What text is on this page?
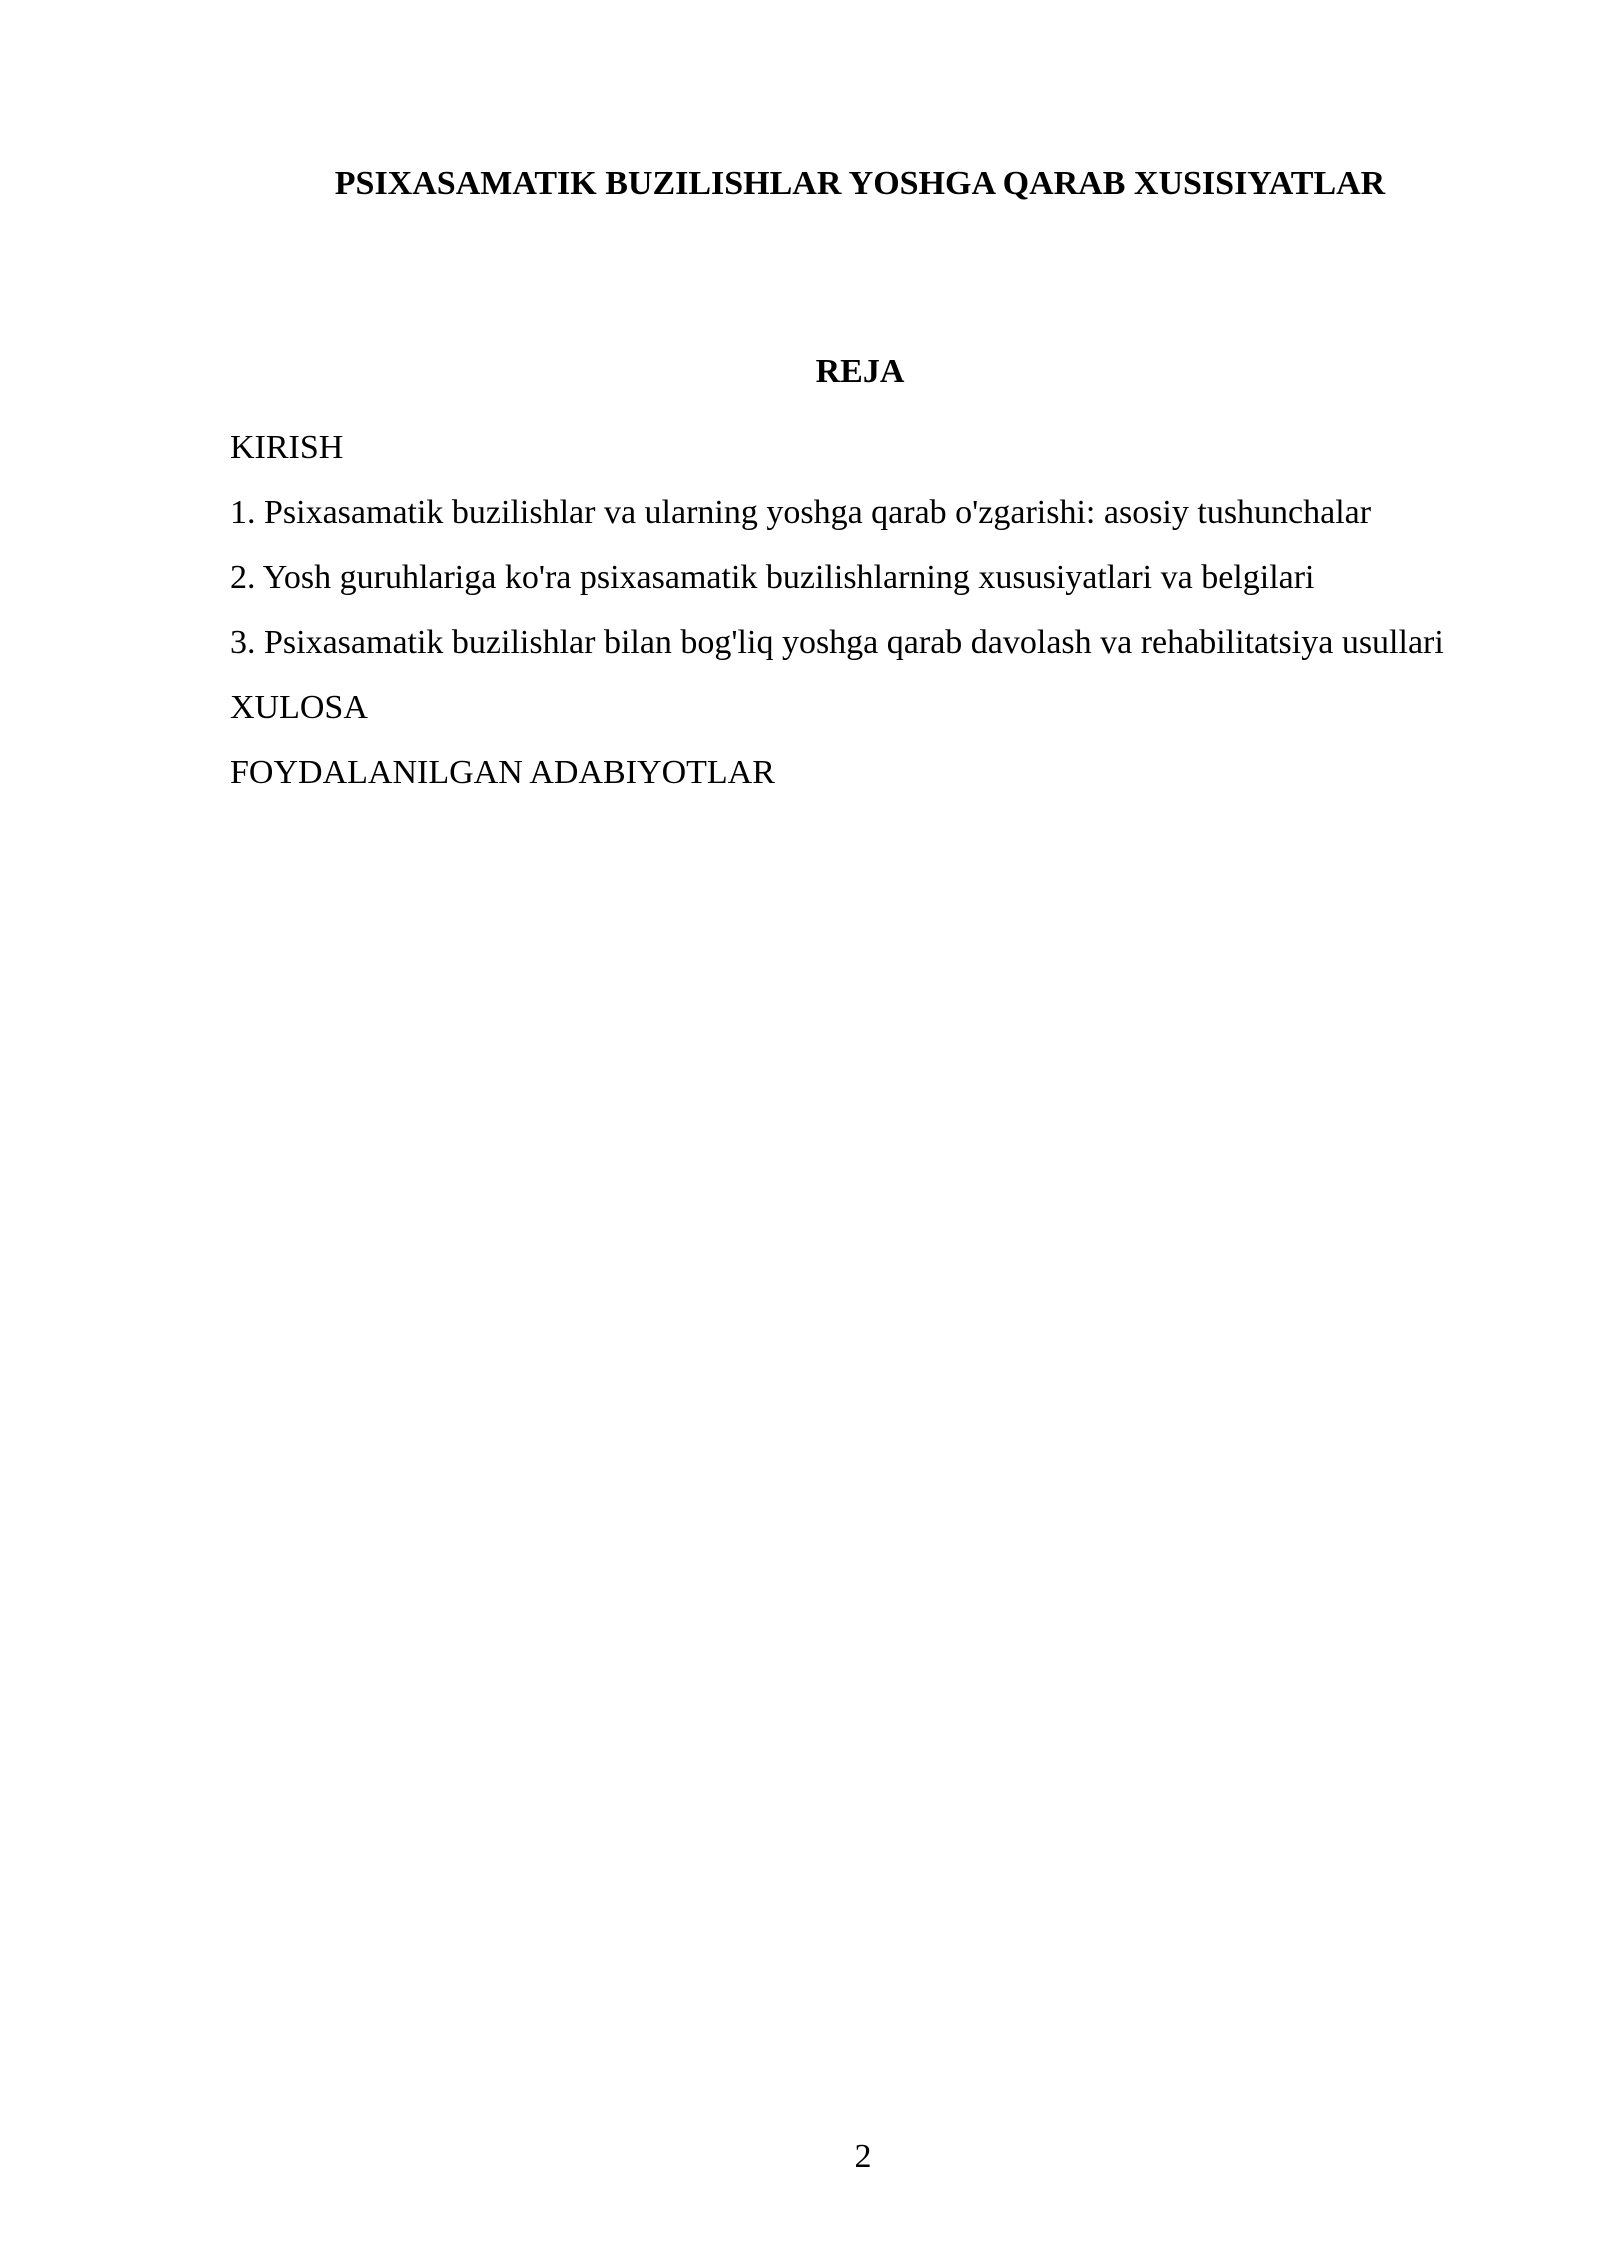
PSIXASAMATIK BUZILISHLAR YOSHGA QARAB XUSISIYATLAR
REJA
KIRISH
1. Psixasamatik buzilishlar va ularning yoshga qarab o'zgarishi: asosiy tushunchalar
2. Yosh guruhlariga ko'ra psixasamatik buzilishlarning xususiyatlari va belgilari
3. Psixasamatik buzilishlar bilan bog'liq yoshga qarab davolash va rehabilitatsiya usullari
XULOSA
FOYDALANILGAN ADABIYOTLAR
2
